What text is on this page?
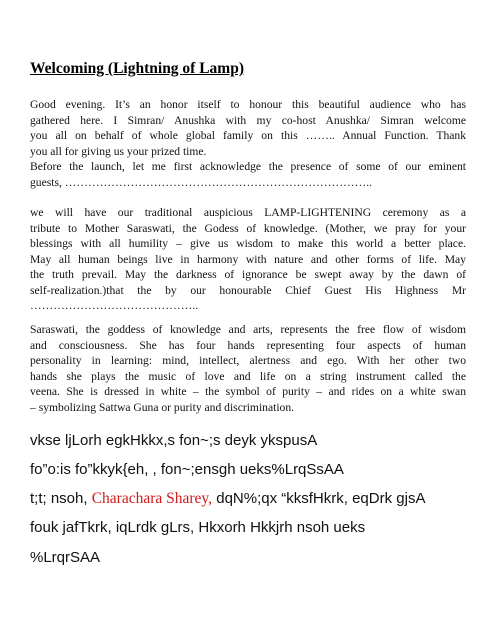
Welcoming (Lightning of Lamp)
Good evening. It’s an honor itself to honour this beautiful audience who has
gathered here. I Simran/ Anushka with my co-host Anushka/ Simran welcome
you all on behalf of whole global family on this …….. Annual Function. Thank
you all for giving us your prized time.
Before the launch, let me first acknowledge the presence of some of our eminent
guests, ……………………………………………………………………..
we will have our traditional auspicious LAMP-LIGHTENING ceremony as a
tribute to Mother Saraswati, the Godess of knowledge. (Mother, we pray for your
blessings with all humility – give us wisdom to make this world a better place.
May all human beings live in harmony with nature and other forms of life. May
the truth prevail. May the darkness of ignorance be swept away by the dawn of
self-realization.)that the by our honourable Chief Guest His Highness Mr
……………………………………..
Saraswati, the goddess of knowledge and arts, represents the free flow of wisdom
and consciousness. She has four hands representing four aspects of human
personality in learning: mind, intellect, alertness and ego. With her other two
hands she plays the music of love and life on a string instrument called the
veena. She is dressed in white – the symbol of purity – and rides on a white swan
– symbolizing Sattwa Guna or purity and discrimination.

vkse ljLorh egkHkkx,s fon~;s deyk ykspusA

fo”o:is fo”kkyk{eh, , fon~;ensgh ueks%LrqSsAA

t;t; nsoh, Charachara Sharey, dqN%;qx “kksfHkrk, eqDrk gjsA

fouk jafTkrk, iqLrdk gLrs, Hkxorh Hkkjrh nsoh ueks

%LrqrSAA
